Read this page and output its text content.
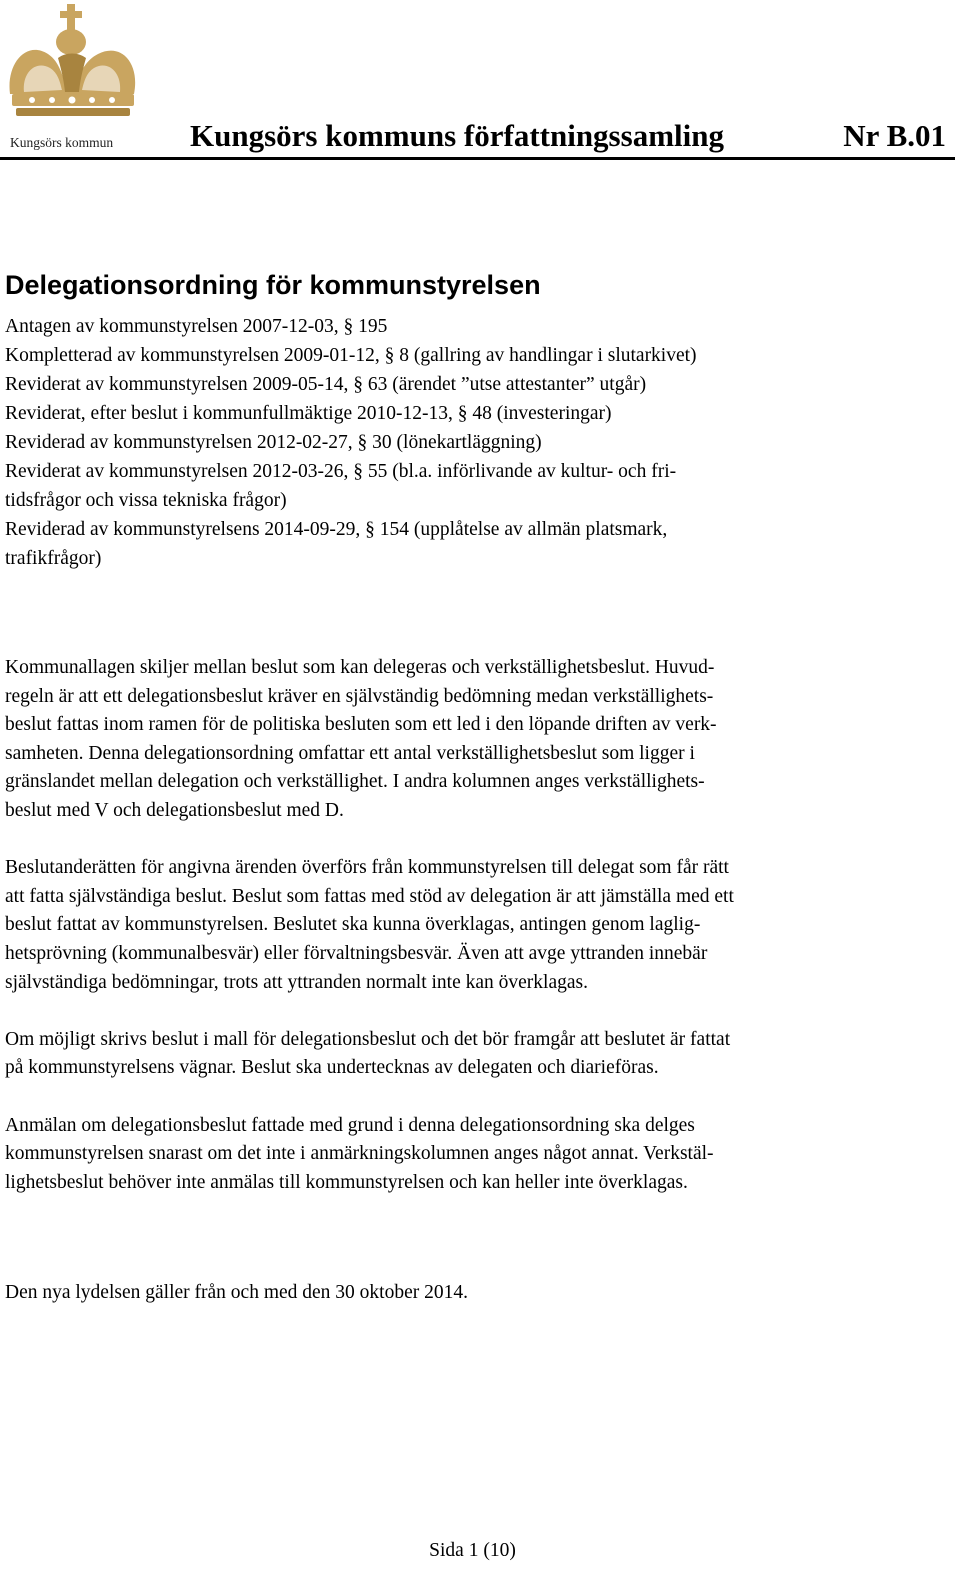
Kungsörs kommun Kungsörs kommuns författningssamling	Nr B.01
Delegationsordning för kommunstyrelsen
Antagen av kommunstyrelsen 2007-12-03, § 195
Kompletterad av kommunstyrelsen 2009-01-12, § 8 (gallring av handlingar i slutarkivet)
Reviderat av kommunstyrelsen 2009-05-14, § 63 (ärendet ”utse attestanter” utgår)
Reviderat, efter beslut i kommunfullmäktige 2010-12-13, § 48 (investeringar)
Reviderad av kommunstyrelsen 2012-02-27, § 30 (lönekartläggning)
Reviderat av kommunstyrelsen 2012-03-26, § 55 (bl.a. införlivande av kultur- och fri-
tidsfrågor och vissa tekniska frågor)
Reviderad av kommunstyrelsens 2014-09-29, § 154 (upplåtelse av allmän platsmark,
trafikfrågor)

Kommunallagen skiljer mellan beslut som kan delegeras och verkställighetsbeslut. Huvud-
regeln är att ett delegationsbeslut kräver en självständig bedömning medan verkställighets-
beslut fattas inom ramen för de politiska besluten som ett led i den löpande driften av verk-
samheten. Denna delegationsordning omfattar ett antal verkställighetsbeslut som ligger i
gränslandet mellan delegation och verkställighet. I andra kolumnen anges verkställighets-
beslut med V och delegationsbeslut med D.

Beslutanderätten för angivna ärenden överförs från kommunstyrelsen till delegat som får rätt
att fatta självständiga beslut. Beslut som fattas med stöd av delegation är att jämställa med ett
beslut fattat av kommunstyrelsen. Beslutet ska kunna överklagas, antingen genom laglig-
hetsprövning (kommunalbesvär) eller förvaltningsbesvär. Även att avge yttranden innebär
självständiga bedömningar, trots att yttranden normalt inte kan överklagas.

Om möjligt skrivs beslut i mall för delegationsbeslut och det bör framgår att beslutet är fattat
på kommunstyrelsens vägnar. Beslut ska undertecknas av delegaten och diarieföras.

Anmälan om delegationsbeslut fattade med grund i denna delegationsordning ska delges
kommunstyrelsen snarast om det inte i anmärkningskolumnen anges något annat. Verkstäl-
lighetsbeslut behöver inte anmälas till kommunstyrelsen och kan heller inte överklagas.

Den nya lydelsen gäller från och med den 30 oktober 2014.
Sida 1 (10)
